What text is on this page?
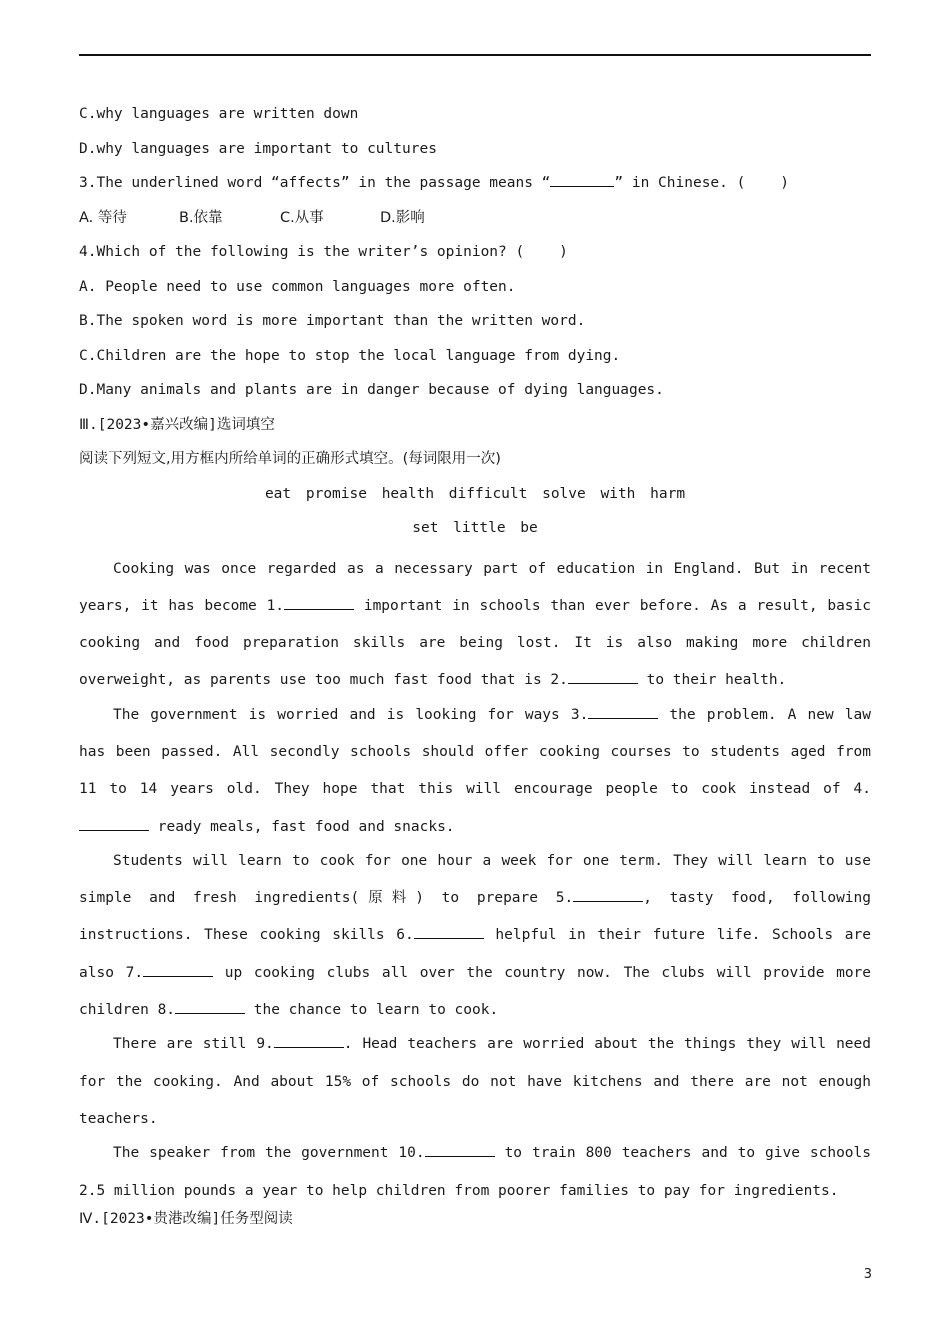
C.why languages are written down
D.why languages are important to cultures
3.The underlined word “affects” in the passage means “	” in Chinese. (    )
A. 等待	B.依靠	C.从事	D.影响
4.Which of the following is the writer’s opinion? (    )
A. People need to use common languages more often.
B.The spoken word is more important than the written word.
C.Children are the hope to stop the local language from dying.
D.Many animals and plants are in danger because of dying languages.
Ⅲ.[2023•嘉兴改编]选词填空
阅读下列短文,用方框内所给单词的正确形式填空。(每词限用一次)
eat promise health difficult solve with harm
set little be

Cooking was once regarded as a necessary part of education in England. But in recent years, it has become 1.	important in schools than ever before. As a result, basic cooking and food preparation skills are being lost. It is also making more children overweight, as parents use too much fast food that is 2.	to their health.

The government is worried and is looking for ways 3.	the problem. A new law has been passed. All secondly schools should offer cooking courses to students aged from 11 to 14 years old. They hope that this will encourage people to cook instead of 4. ready meals, fast food and snacks.

Students will learn to cook for one hour a week for one term. They will learn to use simple and fresh ingredients(原料) to prepare 5.	, tasty food, following instructions. These cooking skills 6.	helpful in their future life. Schools are also 7.	up cooking clubs all over the country now. The clubs will provide more children 8.	the chance to learn to cook.

There are still 9.	. Head teachers are worried about the things they will need for the cooking. And about 15% of schools do not have kitchens and there are not enough teachers.

The speaker from the government 10.	to train 800 teachers and to give schools 2.5 million pounds a year to help children from poorer families to pay for ingredients.

Ⅳ.[2023•贵港改编]任务型阅读
3
